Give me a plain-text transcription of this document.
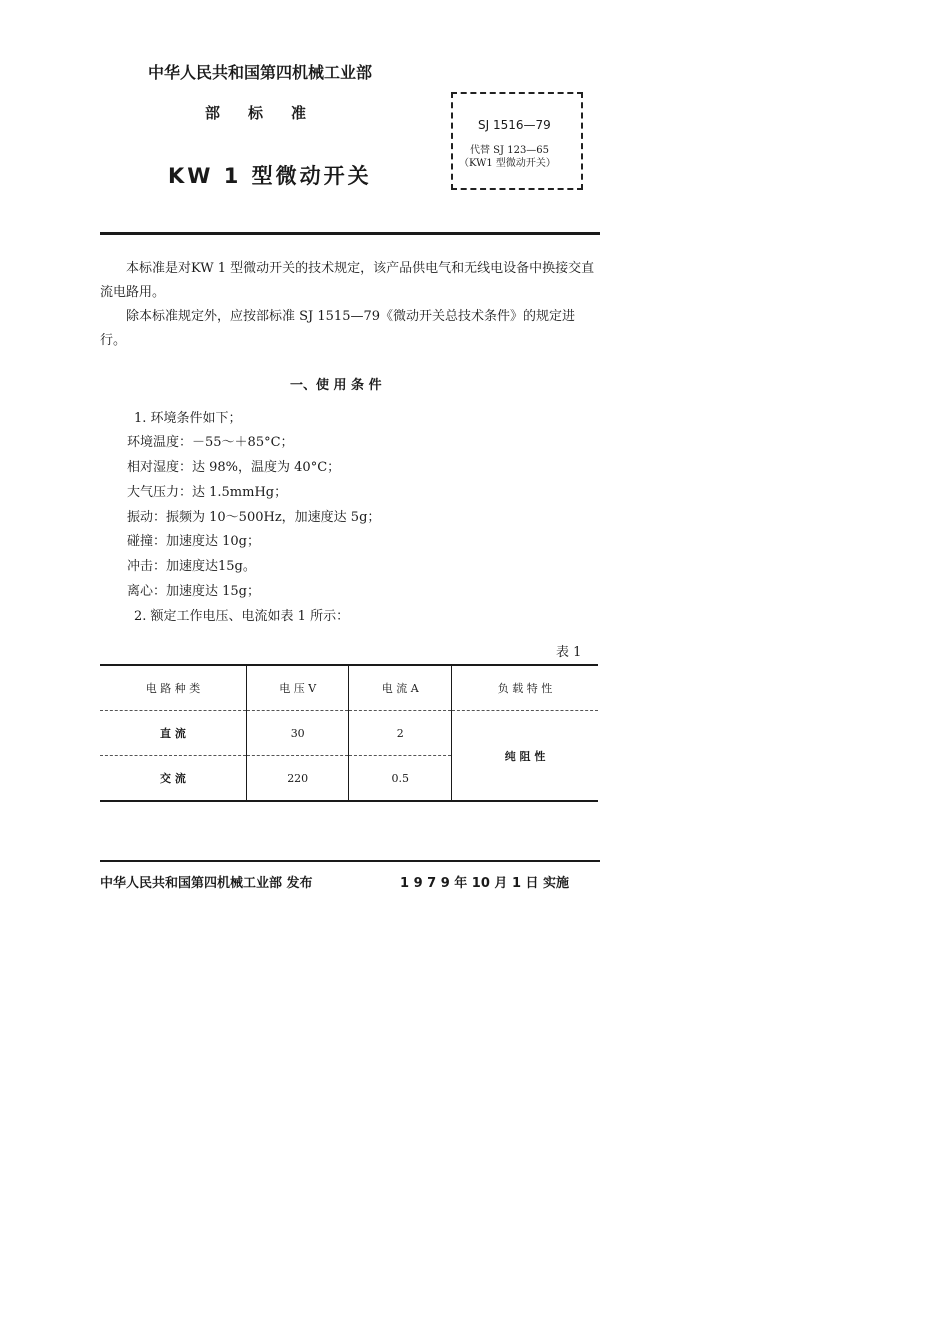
中华人民共和国第四机械工业部
部 标 准
KW 1 型微动开关
SJ 1516—79
代替 SJ 123—65
（KW1 型微动开关）
本标准是对KW 1 型微动开关的技术规定，该产品供电气和无线电设备中换接交直流电路用。
除本标准规定外，应按部标准 SJ 1515—79《微动开关总技术条件》的规定进行。
一、使 用 条 件
1. 环境条件如下；
环境温度：－55～＋85°C；
相对湿度：达 98%，温度为 40°C；
大气压力：达 1.5mmHg；
振动：振频为 10～500Hz，加速度达 5g；
碰撞：加速度达 10g；
冲击：加速度达15g。
离心：加速度达 15g；
2. 额定工作电压、电流如表 1 所示：
表 1
电 路 种 类	电 压 V	电 流 A	负 载 特 性
直 流	30	2	纯 阻 性
交 流	220	0.5	
中华人民共和国第四机械工业部 发布	1 9 7 9 年 10 月 1 日 实施
